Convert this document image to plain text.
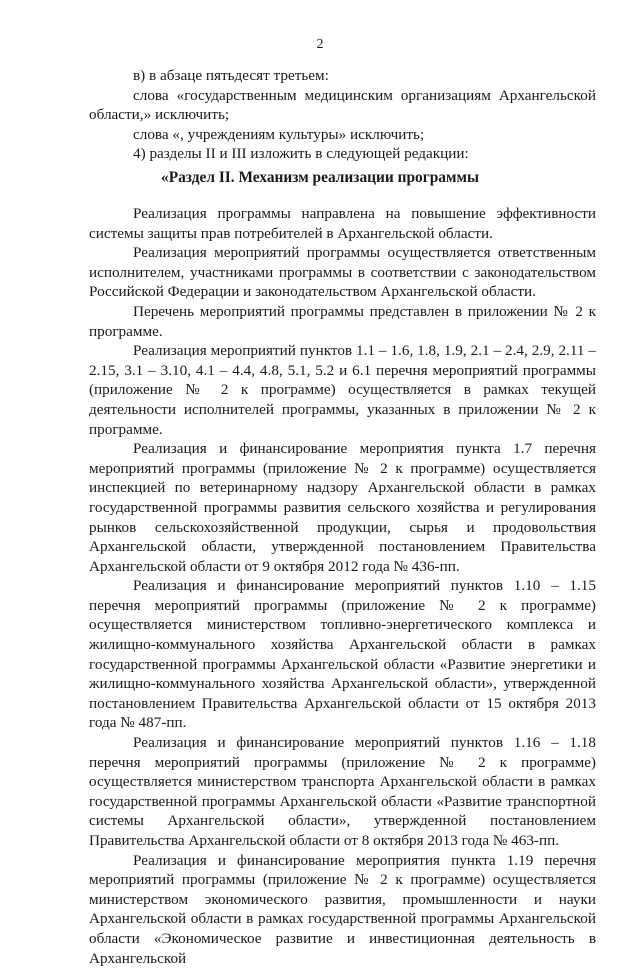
2

в) в абзаце пятьдесят третьем:

слова «государственным медицинским организациям Архангельской области,» исключить;

слова «, учреждениям культуры» исключить;

4) разделы II и III изложить в следующей редакции:

«Раздел II. Механизм реализации программы

Реализация программы направлена на повышение эффективности системы защиты прав потребителей в Архангельской области.

Реализация мероприятий программы осуществляется ответственным исполнителем, участниками программы в соответствии с законодательством Российской Федерации и законодательством Архангельской области.

Перечень мероприятий программы представлен в приложении № 2 к программе.

Реализация мероприятий пунктов 1.1 – 1.6, 1.8, 1.9, 2.1 – 2.4, 2.9, 2.11 – 2.15, 3.1 – 3.10, 4.1 – 4.4, 4.8, 5.1, 5.2 и 6.1 перечня мероприятий программы (приложение № 2 к программе) осуществляется в рамках текущей деятельности исполнителей программы, указанных в приложении № 2 к программе.

Реализация и финансирование мероприятия пункта 1.7 перечня мероприятий программы (приложение № 2 к программе) осуществляется инспекцией по ветеринарному надзору Архангельской области в рамках государственной программы развития сельского хозяйства и регулирования рынков сельскохозяйственной продукции, сырья и продовольствия Архангельской области, утвержденной постановлением Правительства Архангельской области от 9 октября 2012 года № 436-пп.

Реализация и финансирование мероприятий пунктов 1.10 – 1.15 перечня мероприятий программы (приложение № 2 к программе) осуществляется министерством топливно-энергетического комплекса и жилищно-коммунального хозяйства Архангельской области в рамках государственной программы Архангельской области «Развитие энергетики и жилищно-коммунального хозяйства Архангельской области», утвержденной постановлением Правительства Архангельской области от 15 октября 2013 года № 487-пп.

Реализация и финансирование мероприятий пунктов 1.16 – 1.18 перечня мероприятий программы (приложение № 2 к программе) осуществляется министерством транспорта Архангельской области в рамках государственной программы Архангельской области «Развитие транспортной системы Архангельской области», утвержденной постановлением Правительства Архангельской области от 8 октября 2013 года № 463-пп.

Реализация и финансирование мероприятия пункта 1.19 перечня мероприятий программы (приложение № 2 к программе) осуществляется министерством экономического развития, промышленности и науки Архангельской области в рамках государственной программы Архангельской области «Экономическое развитие и инвестиционная деятельность в Архангельской
